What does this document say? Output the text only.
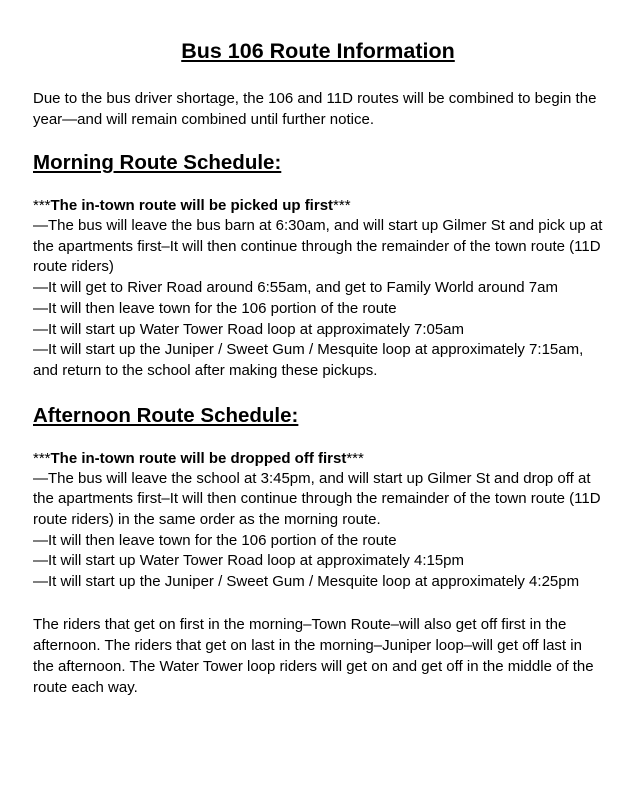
Bus 106 Route Information

Due to the bus driver shortage, the 106 and 11D routes will be combined to begin the year—and will remain combined until further notice.

Morning Route Schedule:

***The in-town route will be picked up first***

—The bus will leave the bus barn at 6:30am, and will start up Gilmer St and pick up at the apartments first–It will then continue through the remainder of the town route (11D route riders)

—It will get to River Road around 6:55am, and get to Family World around 7am

—It will then leave town for the 106 portion of the route

—It will start up Water Tower Road loop at approximately 7:05am

—It will start up the Juniper / Sweet Gum / Mesquite loop at approximately 7:15am, and return to the school after making these pickups.

Afternoon Route Schedule:

***The in-town route will be dropped off first***

—The bus will leave the school at 3:45pm, and will start up Gilmer St and drop off at the apartments first–It will then continue through the remainder of the town route (11D route riders) in the same order as the morning route.

—It will then leave town for the 106 portion of the route

—It will start up Water Tower Road loop at approximately 4:15pm

—It will start up the Juniper / Sweet Gum / Mesquite loop at approximately 4:25pm

The riders that get on first in the morning–Town Route–will also get off first in the afternoon. The riders that get on last in the morning–Juniper loop–will get off last in the afternoon. The Water Tower loop riders will get on and get off in the middle of the route each way.
